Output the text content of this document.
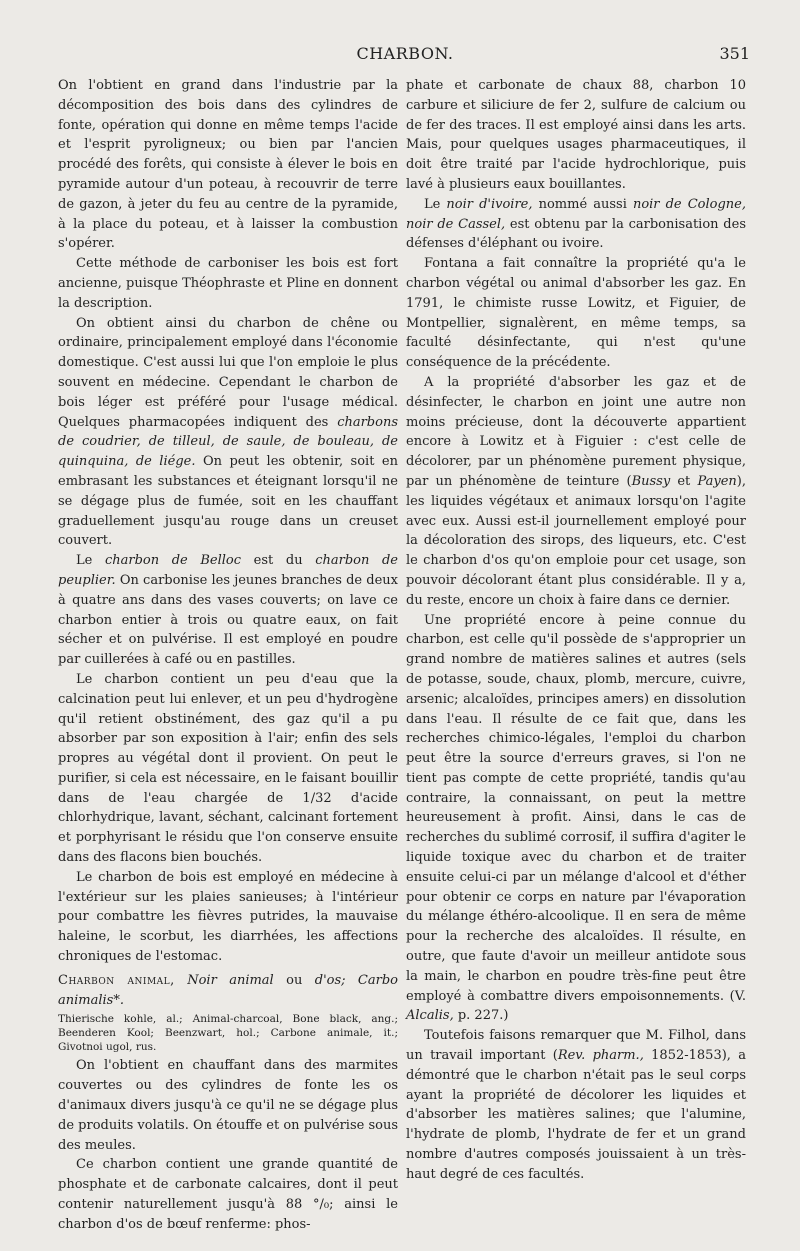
CHARBON.	351

On l'obtient en grand dans l'industrie par la décomposition des bois dans des cylindres de fonte, opération qui donne en même temps l'acide et l'esprit pyroligneux; ou bien par l'ancien procédé des forêts, qui consiste à élever le bois en pyramide autour d'un poteau, à recouvrir de terre de gazon, à jeter du feu au centre de la pyramide, à la place du poteau, et à laisser la combustion s'opérer.

Cette méthode de carboniser les bois est fort ancienne, puisque Théophraste et Pline en donnent la description.

On obtient ainsi du charbon de chêne ou ordinaire, principalement employé dans l'économie domestique. C'est aussi lui que l'on emploie le plus souvent en médecine. Cependant le charbon de bois léger est préféré pour l'usage médical. Quelques pharmacopées indiquent des charbons de coudrier, de tilleul, de saule, de bouleau, de quinquina, de liége. On peut les obtenir, soit en embrasant les substances et éteignant lorsqu'il ne se dégage plus de fumée, soit en les chauffant graduellement jusqu'au rouge dans un creuset couvert.

Le charbon de Belloc est du charbon de peuplier. On carbonise les jeunes branches de deux à quatre ans dans des vases couverts; on lave ce charbon entier à trois ou quatre eaux, on fait sécher et on pulvérise. Il est employé en poudre par cuillerées à café ou en pastilles.

Le charbon contient un peu d'eau que la calcination peut lui enlever, et un peu d'hydrogène qu'il retient obstinément, des gaz qu'il a pu absorber par son exposition à l'air; enfin des sels propres au végétal dont il provient. On peut le purifier, si cela est nécessaire, en le faisant bouillir dans de l'eau chargée de 1/32 d'acide chlorhydrique, lavant, séchant, calcinant fortement et porphyrisant le résidu que l'on conserve ensuite dans des flacons bien bouchés.

Le charbon de bois est employé en médecine à l'extérieur sur les plaies sanieuses; à l'intérieur pour combattre les fièvres putrides, la mauvaise haleine, le scorbut, les diarrhées, les affections chroniques de l'estomac.

Charbon animal, Noir animal ou d'os; Carbo animalis*.

Thierische kohle, al.; Animal-charcoal, Bone black, ang.; Beenderen Kool; Beenzwart, hol.; Carbone animale, it.; Givotnoi ugol, rus.

On l'obtient en chauffant dans des marmites couvertes ou des cylindres de fonte les os d'animaux divers jusqu'à ce qu'il ne se dégage plus de produits volatils. On étouffe et on pulvérise sous des meules.

Ce charbon contient une grande quantité de phosphate et de carbonate calcaires, dont il peut contenir naturellement jusqu'à 88 °/₀; ainsi le charbon d'os de bœuf renferme: phos-

phate et carbonate de chaux 88, charbon 10 carbure et siliciure de fer 2, sulfure de calcium ou de fer des traces. Il est employé ainsi dans les arts. Mais, pour quelques usages pharmaceutiques, il doit être traité par l'acide hydrochlorique, puis lavé à plusieurs eaux bouillantes.

Le noir d'ivoire, nommé aussi noir de Cologne, noir de Cassel, est obtenu par la carbonisation des défenses d'éléphant ou ivoire.

Fontana a fait connaître la propriété qu'a le charbon végétal ou animal d'absorber les gaz. En 1791, le chimiste russe Lowitz, et Figuier, de Montpellier, signalèrent, en même temps, sa faculté désinfectante, qui n'est qu'une conséquence de la précédente.

A la propriété d'absorber les gaz et de désinfecter, le charbon en joint une autre non moins précieuse, dont la découverte appartient encore à Lowitz et à Figuier : c'est celle de décolorer, par un phénomène purement physique, par un phénomène de teinture (Bussy et Payen), les liquides végétaux et animaux lorsqu'on l'agite avec eux. Aussi est-il journellement employé pour la décoloration des sirops, des liqueurs, etc. C'est le charbon d'os qu'on emploie pour cet usage, son pouvoir décolorant étant plus considérable. Il y a, du reste, encore un choix à faire dans ce dernier.

Une propriété encore à peine connue du charbon, est celle qu'il possède de s'approprier un grand nombre de matières salines et autres (sels de potasse, soude, chaux, plomb, mercure, cuivre, arsenic; alcaloïdes, principes amers) en dissolution dans l'eau. Il résulte de ce fait que, dans les recherches chimico-légales, l'emploi du charbon peut être la source d'erreurs graves, si l'on ne tient pas compte de cette propriété, tandis qu'au contraire, la connaissant, on peut la mettre heureusement à profit. Ainsi, dans le cas de recherches du sublimé corrosif, il suffira d'agiter le liquide toxique avec du charbon et de traiter ensuite celui-ci par un mélange d'alcool et d'éther pour obtenir ce corps en nature par l'évaporation du mélange éthéro-alcoolique. Il en sera de même pour la recherche des alcaloïdes. Il résulte, en outre, que faute d'avoir un meilleur antidote sous la main, le charbon en poudre très-fine peut être employé à combattre divers empoisonnements. (V. Alcalis, p. 227.)

Toutefois faisons remarquer que M. Filhol, dans un travail important (Rev. pharm., 1852-1853), a démontré que le charbon n'était pas le seul corps ayant la propriété de décolorer les liquides et d'absorber les matières salines; que l'alumine, l'hydrate de plomb, l'hydrate de fer et un grand nombre d'autres composés jouissaient à un très-haut degré de ces facultés.
